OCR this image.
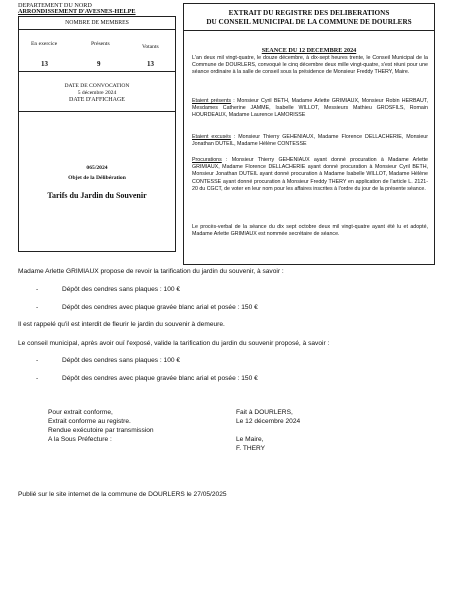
DEPARTEMENT DU NORD
ARRONDISSEMENT D'AVESNES-HELPE
NOMBRE DE MEMBRES
En exercice	Présents	Votants
13	9	13
DATE DE CONVOCATION
5 décembre 2024
DATE D'AFFICHAGE
065/2024
Objet de la Délibération
Tarifs du Jardin du Souvenir
EXTRAIT DU REGISTRE DES DELIBERATIONS
DU CONSEIL MUNICIPAL DE LA COMMUNE DE DOURLERS
SEANCE DU 12 DECEMBRE 2024
L'an deux mil vingt-quatre, le douze décembre, à dix-sept heures trente, le Conseil Municipal de la Commune de DOURLERS, convoqué le cinq décembre deux mille vingt-quatre, s'est réuni pour une séance ordinaire à la salle de conseil sous la présidence de Monsieur Freddy THERY, Maire.
Etaient présents : Monsieur Cyril BETH, Madame Arlette GRIMIAUX, Monsieur Robin HERBAUT, Mesdames Catherine JAMME, Isabelle WILLOT, Messieurs Mathieu GROSFILS, Romain HOURDEAUX, Madame Laurence LAMORISSE
Etaient excusés : Monsieur Thierry GEHENIAUX, Madame Florence DELLACHERIE, Monsieur Jonathan DUTEIL, Madame Hélène CONTESSE
Procurations : Monsieur Thierry GEHENIAUX ayant donné procuration à Madame Arlette GRIMIAUX, Madame Florence DELLACHERIE ayant donné procuration à Monsieur Cyril BETH, Monsieur Jonathan DUTEIL ayant donné procuration à Madame Isabelle WILLOT, Madame Hélène CONTESSE ayant donné procuration à Monsieur Freddy THERY en application de l'article L. 2121-20 du CGCT, de voter en leur nom pour les affaires inscrites à l'ordre du jour de la présente séance.
Le procès-verbal de la séance du dix sept octobre deux mil vingt-quatre ayant été lu et adopté, Madame Arlette GRIMIAUX est nommée secrétaire de séance.
Madame Arlette GRIMIAUX propose de revoir la tarification du jardin du souvenir, à savoir :
-	Dépôt des cendres sans plaques : 100 €
-	Dépôt des cendres avec plaque gravée blanc arial et posée : 150 €
Il est rappelé qu'il est interdit de fleurir le jardin du souvenir à demeure.
Le conseil municipal, après avoir ouï l'exposé, valide la tarification du jardin du souvenir proposé, à savoir :
-	Dépôt des cendres sans plaques : 100 €
-	Dépôt des cendres avec plaque gravée blanc arial et posée : 150 €
Pour extrait conforme,
Extrait conforme au registre.
Rendue exécutoire par transmission
A la Sous Préfecture :
Fait à DOURLERS,
Le 12 décembre 2024
Le Maire,
F. THERY
Publié sur le site internet de la commune de DOURLERS le 27/05/2025
